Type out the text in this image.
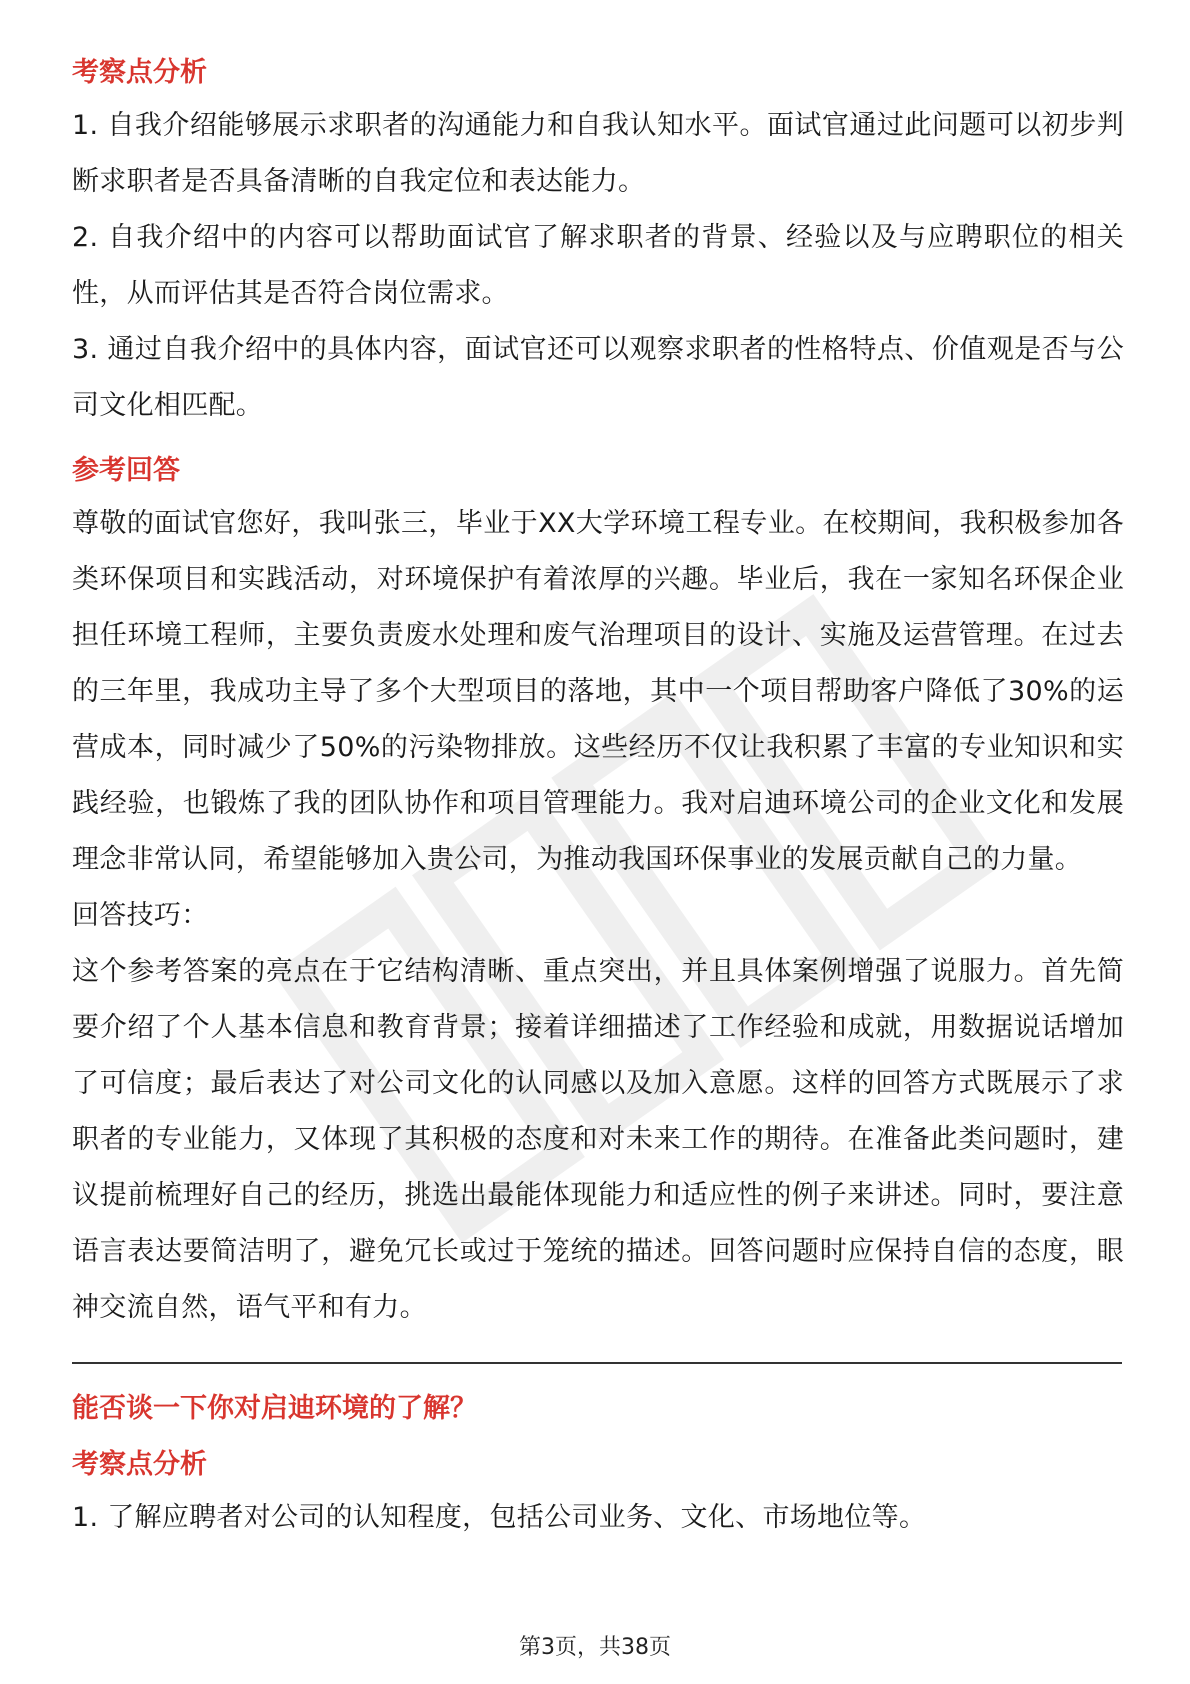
考察点分析

1. 自我介绍能够展示求职者的沟通能力和自我认知水平。面试官通过此问题可以初步判断求职者是否具备清晰的自我定位和表达能力。

2. 自我介绍中的内容可以帮助面试官了解求职者的背景、经验以及与应聘职位的相关性，从而评估其是否符合岗位需求。

3. 通过自我介绍中的具体内容，面试官还可以观察求职者的性格特点、价值观是否与公司文化相匹配。

参考回答

尊敬的面试官您好，我叫张三，毕业于XX大学环境工程专业。在校期间，我积极参加各类环保项目和实践活动，对环境保护有着浓厚的兴趣。毕业后，我在一家知名环保企业担任环境工程师，主要负责废水处理和废气治理项目的设计、实施及运营管理。在过去的三年里，我成功主导了多个大型项目的落地，其中一个项目帮助客户降低了30%的运营成本，同时减少了50%的污染物排放。这些经历不仅让我积累了丰富的专业知识和实践经验，也锻炼了我的团队协作和项目管理能力。我对启迪环境公司的企业文化和发展理念非常认同，希望能够加入贵公司，为推动我国环保事业的发展贡献自己的力量。

回答技巧：

这个参考答案的亮点在于它结构清晰、重点突出，并且具体案例增强了说服力。首先简要介绍了个人基本信息和教育背景；接着详细描述了工作经验和成就，用数据说话增加了可信度；最后表达了对公司文化的认同感以及加入意愿。这样的回答方式既展示了求职者的专业能力，又体现了其积极的态度和对未来工作的期待。在准备此类问题时，建议提前梳理好自己的经历，挑选出最能体现能力和适应性的例子来讲述。同时，要注意语言表达要简洁明了，避免冗长或过于笼统的描述。回答问题时应保持自信的态度，眼神交流自然，语气平和有力。

能否谈一下你对启迪环境的了解？

考察点分析

1. 了解应聘者对公司的认知程度，包括公司业务、文化、市场地位等。

第3页，共38页
